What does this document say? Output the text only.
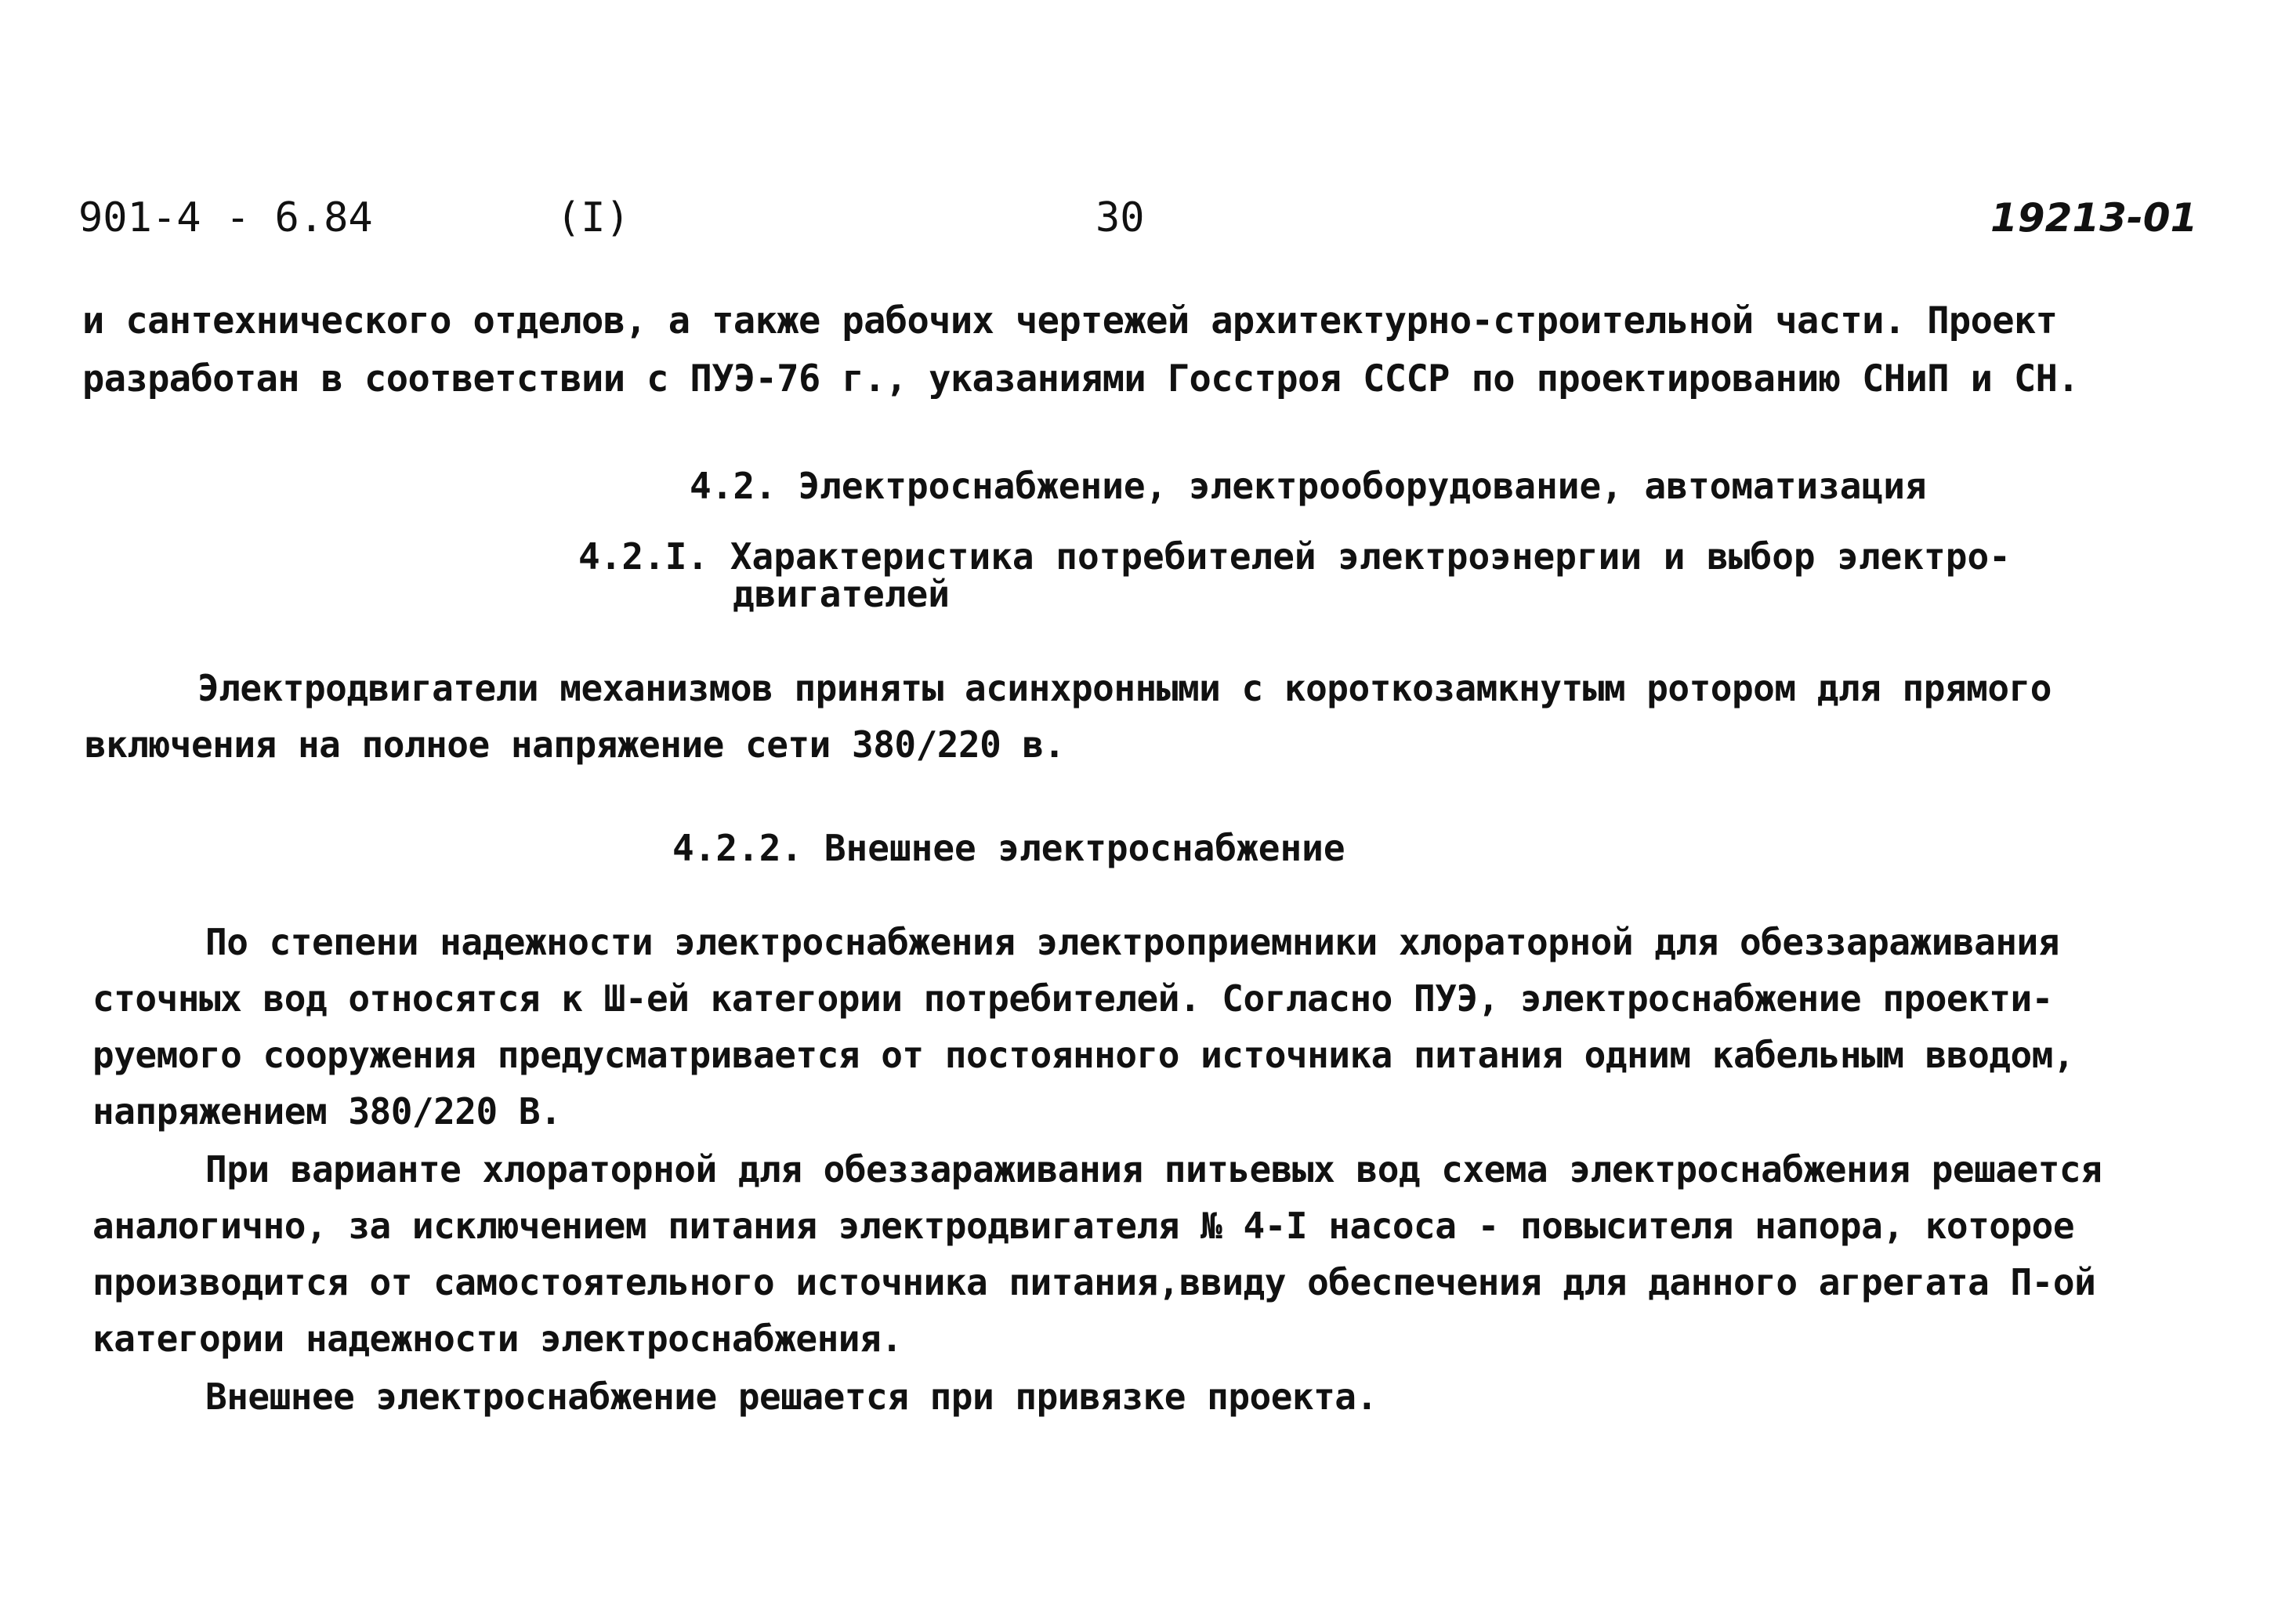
901-4 - 6.84	(I)	30	19213-01
и сантехнического отделов, а также рабочих чертежей архитектурно-строительной части. Проект
разработан в соответствии с ПУЭ-76 г., указаниями Госстроя СССР по проектированию СНиП и СН.
4.2. Электроснабжение, электрооборудование, автоматизация
4.2.I. Характеристика потребителей электроэнергии и выбор электро-
двигателей
Электродвигатели механизмов приняты асинхронными с короткозамкнутым ротором для прямого
включения на полное напряжение сети 380/220 в.
4.2.2. Внешнее электроснабжение
По степени надежности электроснабжения электроприемники хлораторной для обеззараживания
сточных вод относятся к Ш-ей категории потребителей. Согласно ПУЭ, электроснабжение проекти-
руемого сооружения предусматривается от постоянного источника питания одним кабельным вводом,
напряжением 380/220 В.
При варианте хлораторной для обеззараживания питьевых вод схема электроснабжения решается
аналогично, за исключением питания электродвигателя № 4-I насоса - повысителя напора, которое
производится от самостоятельного источника питания,ввиду обеспечения для данного агрегата П-ой
категории надежности электроснабжения.
Внешнее электроснабжение решается при привязке проекта.
